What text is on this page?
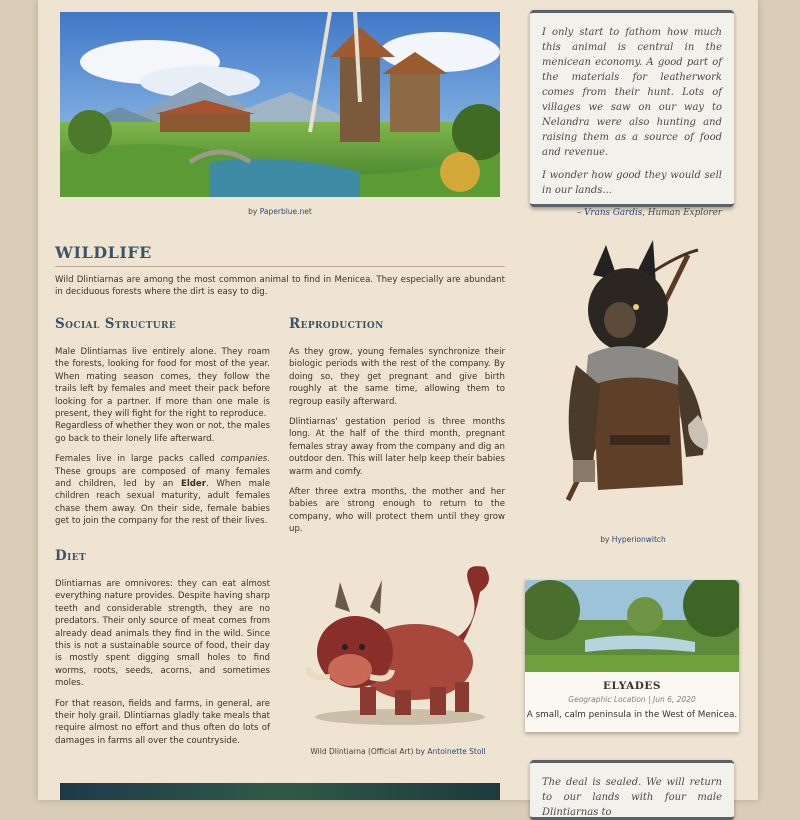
by Paperblue.net

I only start to fathom how much this animal is central in the menicean economy. A good part of the materials for leatherwork comes from their hunt. Lots of villages we saw on our way to Nelandra were also hunting and raising them as a source of food and revenue.

I wonder how good they would sell in our lands...

– Vrans Gardis, Human Explorer
WILDLIFE
Wild Dlintiarnas are among the most common animal to find in Menicea. They especially are abundant in deciduous forests where the dirt is easy to dig.
Social Structure

Male Dlintiarnas live entirely alone. They roam the forests, looking for food for most of the year. When mating season comes, they follow the trails left by females and meet their pack before looking for a partner. If more than one male is present, they will fight for the right to reproduce.

Regardless of whether they won or not, the males go back to their lonely life afterward.

Females live in large packs called companies. These groups are composed of many females and children, led by an Elder. When male children reach sexual maturity, adult females chase them away. On their side, female babies get to join the company for the rest of their lives.

Reproduction

As they grow, young females synchronize their biologic periods with the rest of the company. By doing so, they get pregnant and give birth roughly at the same time, allowing them to regroup easily afterward.

Dlintiarnas' gestation period is three months long. At the half of the third month, pregnant females stray away from the company and dig an outdoor den. This will later help keep their babies warm and comfy.

After three extra months, the mother and her babies are strong enough to return to the company, who will protect them until they grow up.

Diet

Dlintiarnas are omnivores: they can eat almost everything nature provides. Despite having sharp teeth and considerable strength, they are no predators. Their only source of meat comes from already dead animals they find in the wild. Since this is not a sustainable source of food, their day is mostly spent digging small holes to find worms, roots, seeds, acorns, and sometimes moles.

For that reason, fields and farms, in general, are their holy grail. Dlintiarnas gladly take meals that require almost no effort and thus often do lots of damages in farms all over the countryside.

by Hyperionwitch
Wild Dlintiarna (Official Art) by Antoinette Stoll
ELYADES
Geographic Location | Jun 6, 2020
A small, calm peninsula in the West of Menicea.

The deal is sealed. We will return to our lands with four male Dlintiarnas to
